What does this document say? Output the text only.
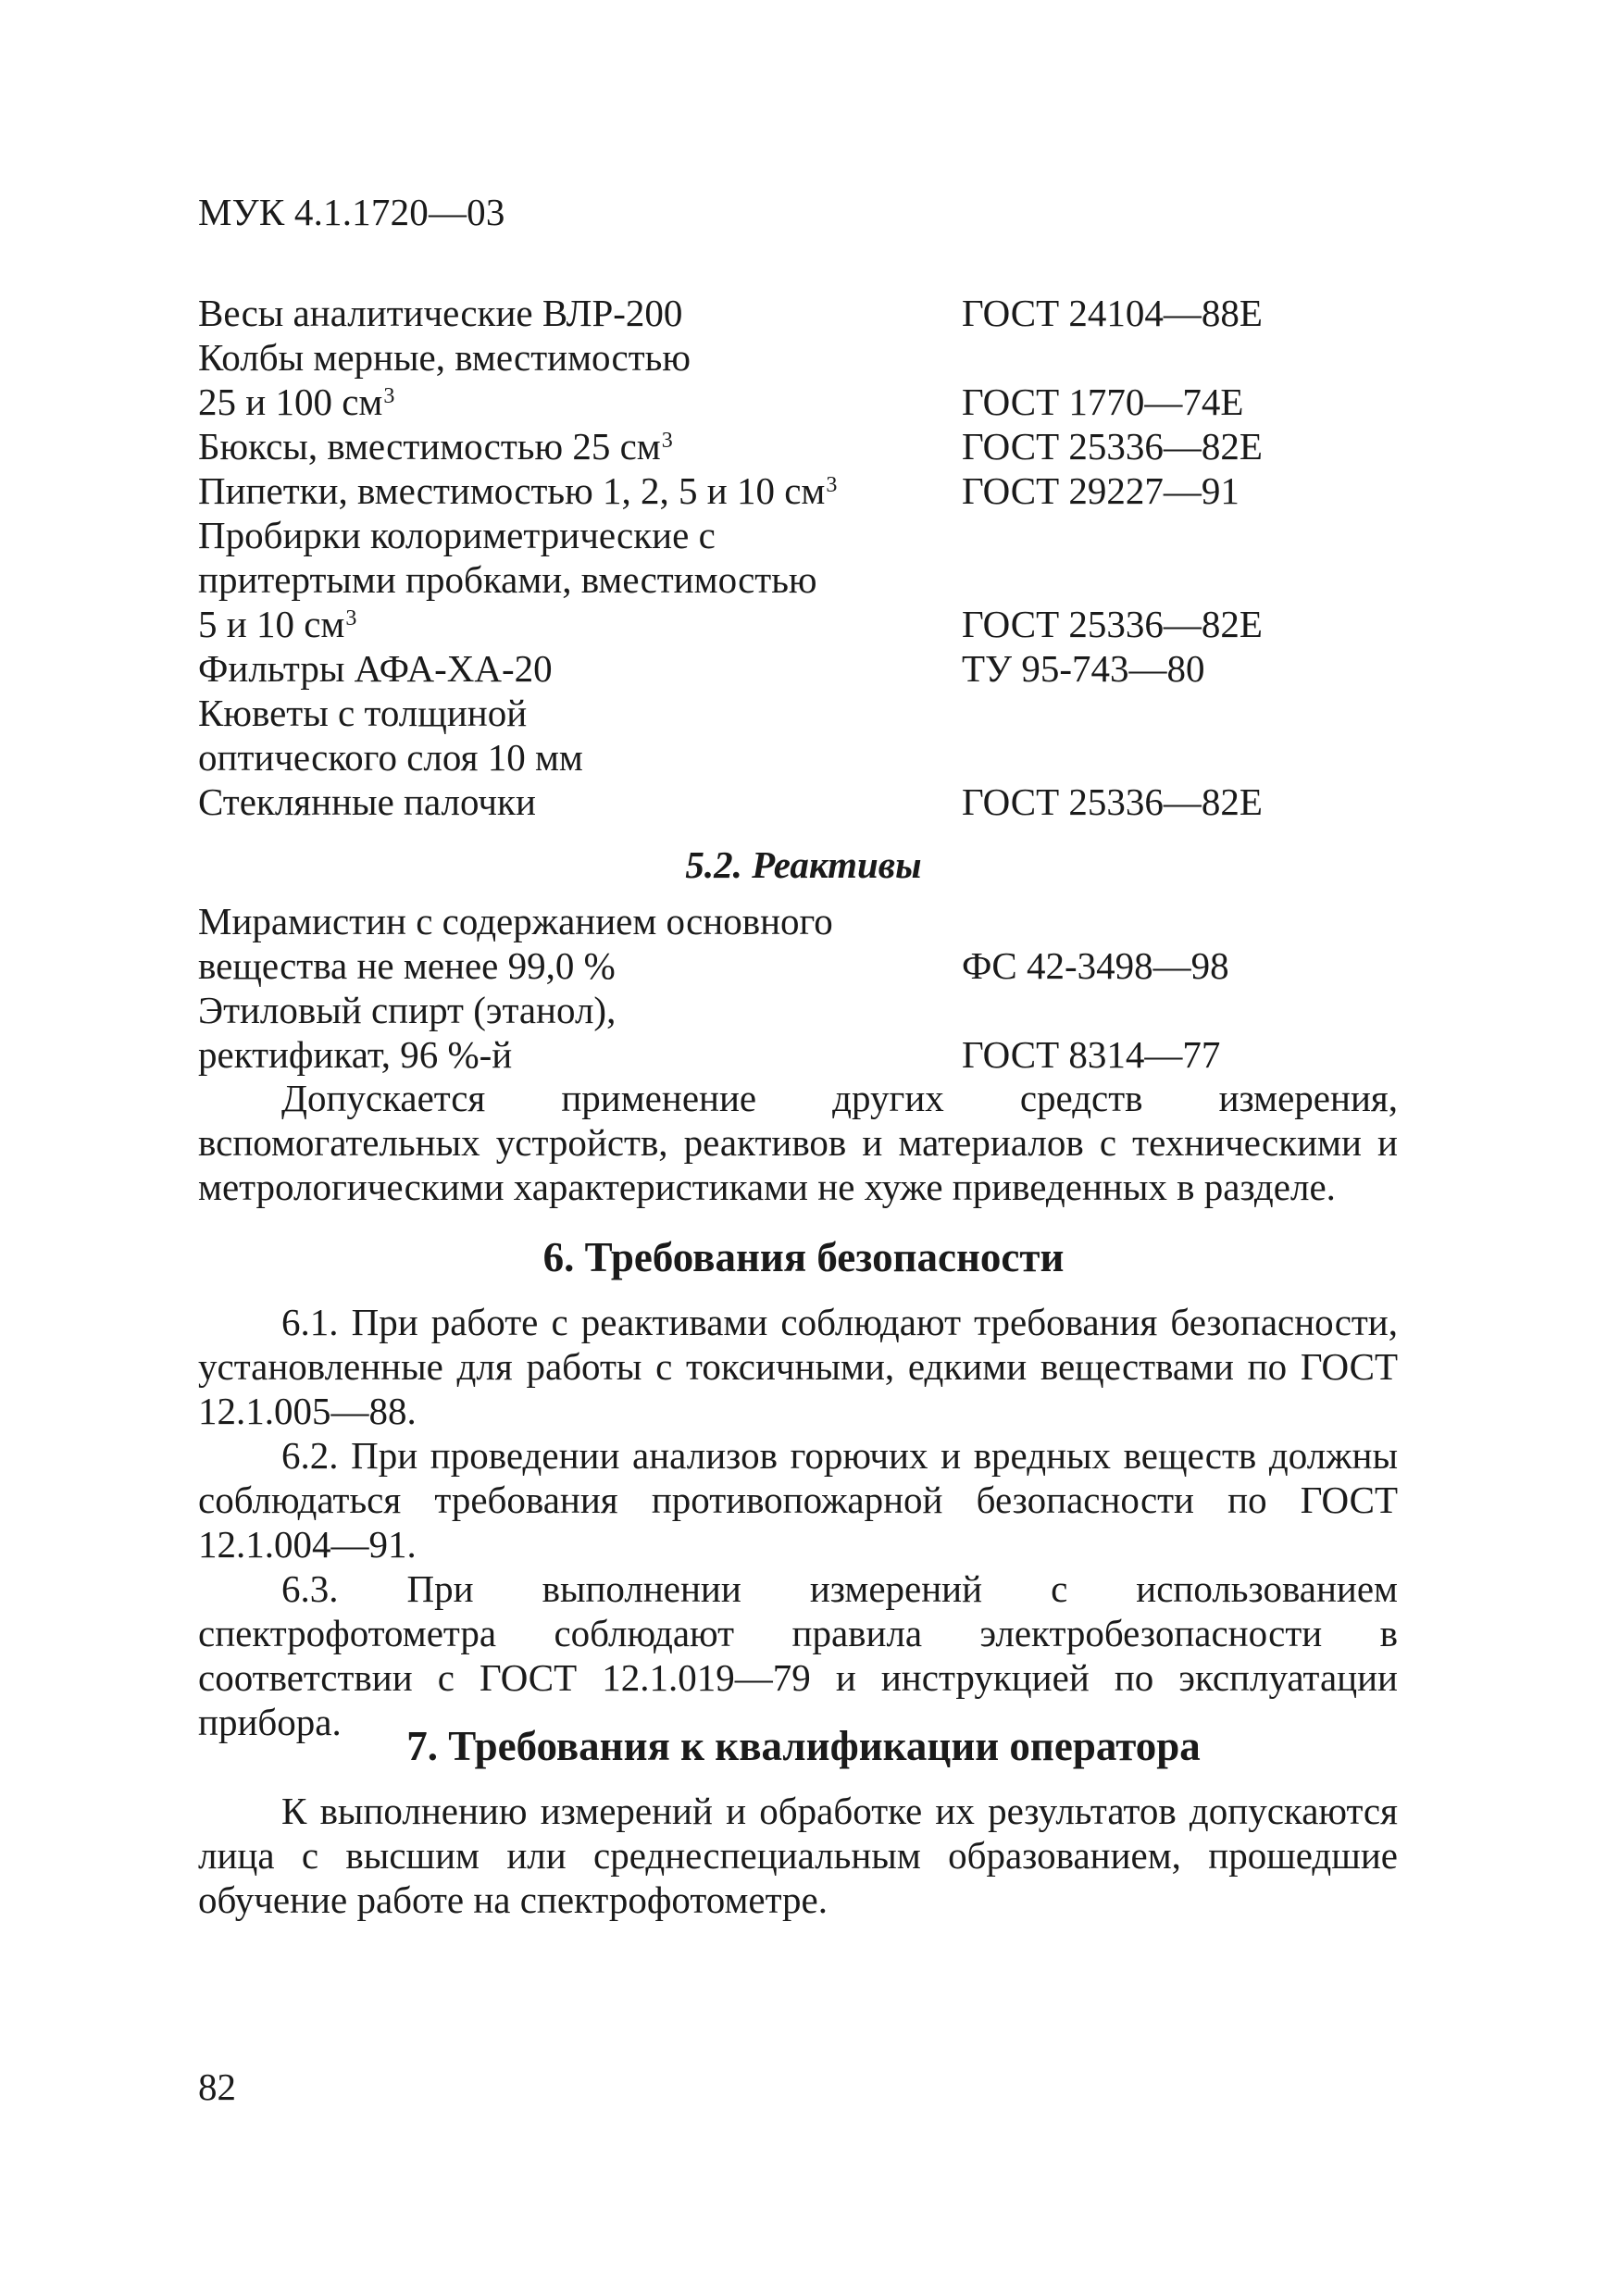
МУК 4.1.1720—03
Весы аналитические ВЛР-200	ГОСТ 24104—88Е
Колбы мерные, вместимостью
25 и 100 $см^3$	ГОСТ 1770—74Е
Бюксы, вместимостью 25 $см^3$	ГОСТ 25336—82Е
Пипетки, вместимостью 1, 2, 5 и 10 $см^3$	ГОСТ 29227—91
Пробирки колориметрические с
притертыми пробками, вместимостью
5 и 10 $см^3$	ГОСТ 25336—82Е
Фильтры АФА-ХА-20	ТУ 95-743—80
Кюветы с толщиной
оптического слоя 10 мм
Стеклянные палочки	ГОСТ 25336—82Е
5.2. Реактивы
Мирамистин с содержанием основного
вещества не менее 99,0 %	ФС 42-3498—98
Этиловый спирт (этанол),
ректификат, 96 %-й	ГОСТ 8314—77

Допускается применение других средств измерения, вспомогательных устройств, реактивов и материалов с техническими и метрологическими характеристиками не хуже приведенных в разделе.

6. Требования безопасности

6.1. При работе с реактивами соблюдают требования безопасности, установленные для работы с токсичными, едкими веществами по ГОСТ 12.1.005—88.

6.2. При проведении анализов горючих и вредных веществ должны соблюдаться требования противопожарной безопасности по ГОСТ 12.1.004—91.

6.3. При выполнении измерений с использованием спектрофотометра соблюдают правила электробезопасности в соответствии с ГОСТ 12.1.019—79 и инструкцией по эксплуатации прибора.

7. Требования к квалификации оператора

К выполнению измерений и обработке их результатов допускаются лица с высшим или среднеспециальным образованием, прошедшие обучение работе на спектрофотометре.

82
